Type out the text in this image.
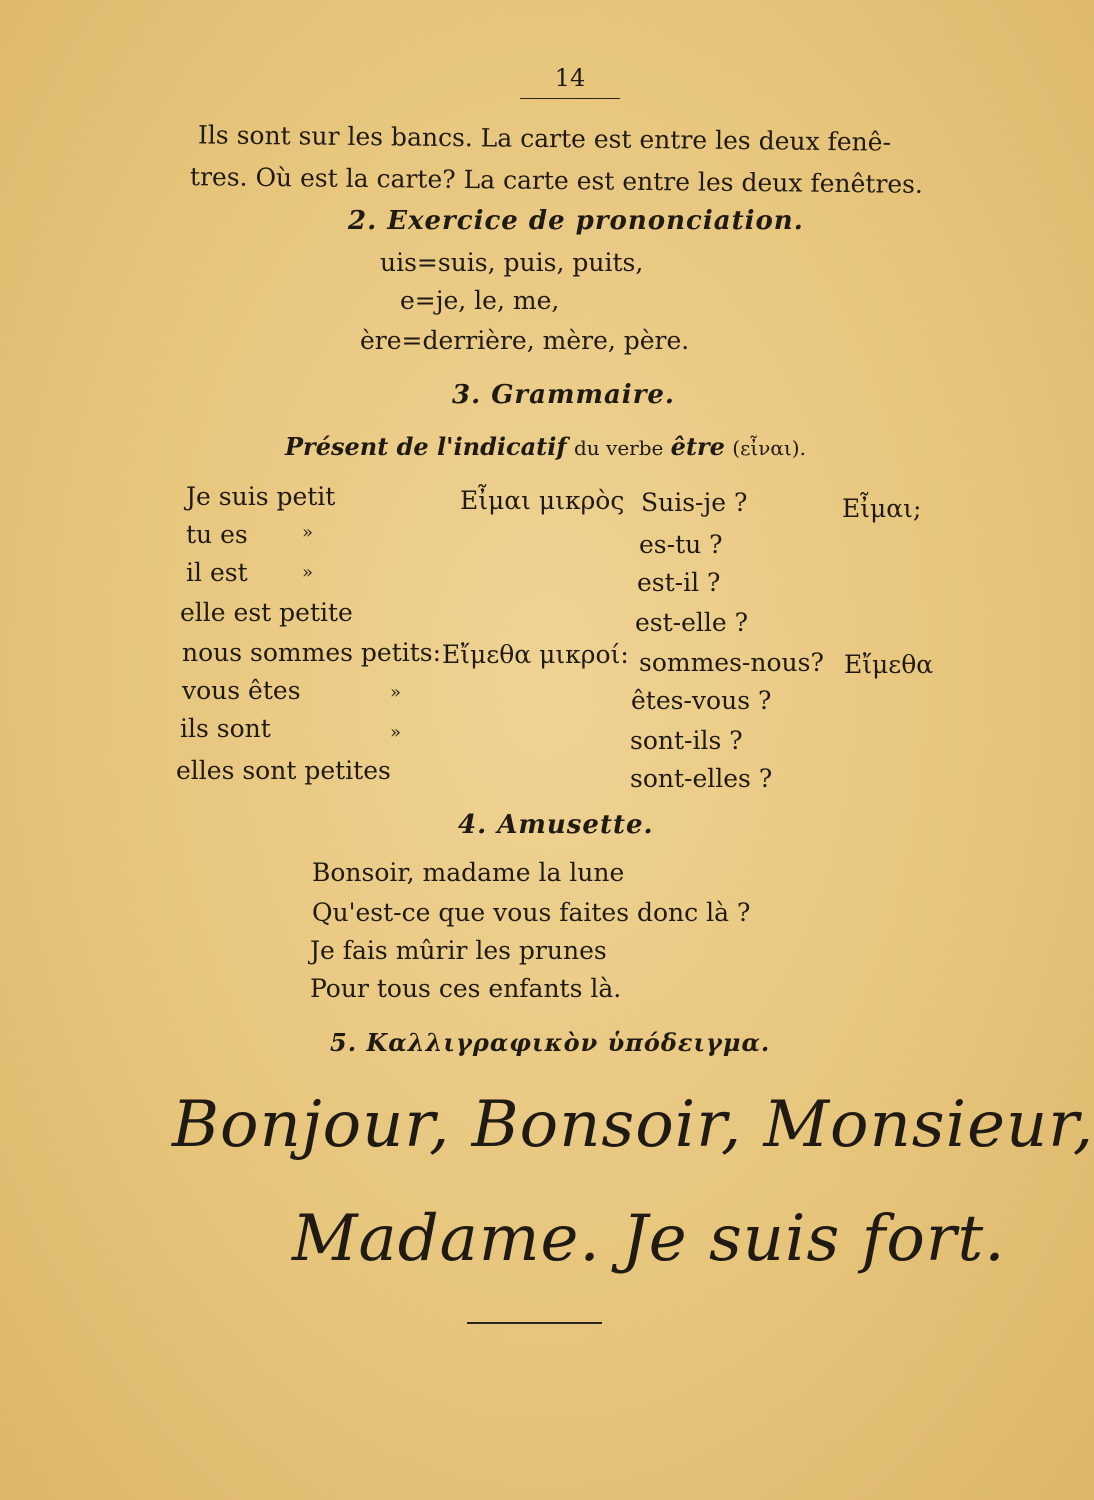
14
Ils sont sur les bancs. La carte est entre les deux fenê-
tres. Où est la carte? La carte est entre les deux fenêtres.
2. Exercice de prononciation.
uis=suis, puis, puits,
e=je, le, me,
ère=derrière, mère, père.
3. Grammaire.
Présent de l'indicatif du verbe être (εἶναι).
Je suis petit
tu es
il est
elle est petite
nous sommes petits:
vous êtes
ils sont
elles sont petites
»
»
»
»
Εἶμαι μικρὸς
Εἴμεθα μικροί:
Suis-je ?
es-tu ?
est-il ?
est-elle ?
sommes-nous?
êtes-vous ?
sont-ils ?
sont-elles ?
Εἶμαι;
Εἴμεθα
4. Amusette.
Bonsoir, madame la lune
Qu'est-ce que vous faites donc là ?
Je fais mûrir les prunes
Pour tous ces enfants là.
5. Καλλιγραφικὸν ὑπόδειγμα.
Bonjour, Bonsoir, Monsieur,
Madame. Je suis fort.
